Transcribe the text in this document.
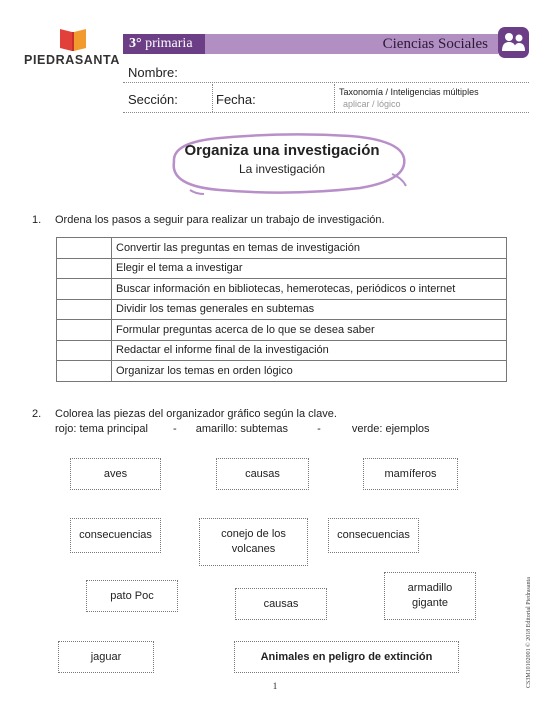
PIEDRASANTA
3° primaria	Ciencias Sociales
Nombre:
Sección:	Fecha:	Taxonomía / Inteligencias múltiples
aplicar / lógico
Organiza una investigación
La investigación
1. Ordena los pasos a seguir para realizar un trabajo de investigación.
	Convertir las preguntas en temas de investigación
	Elegir el tema a investigar
	Buscar información en bibliotecas, hemerotecas, periódicos o internet
	Dividir los temas generales en subtemas
	Formular preguntas acerca de lo que se desea saber
	Redactar el informe final de la investigación
	Organizar los temas en orden lógico
2. Colorea las piezas del organizador gráfico según la clave.
rojo: tema principal - amarillo: subtemas	-	verde: ejemplos
aves	causas	mamíferos
consecuencias	conejo de los volcanes
consecuencias
pato Poc
causas
armadillo gigante
jaguar	Animales en peligro de extinción	CS3M10102001 © 2018 Editorial Piedrasanta
1
